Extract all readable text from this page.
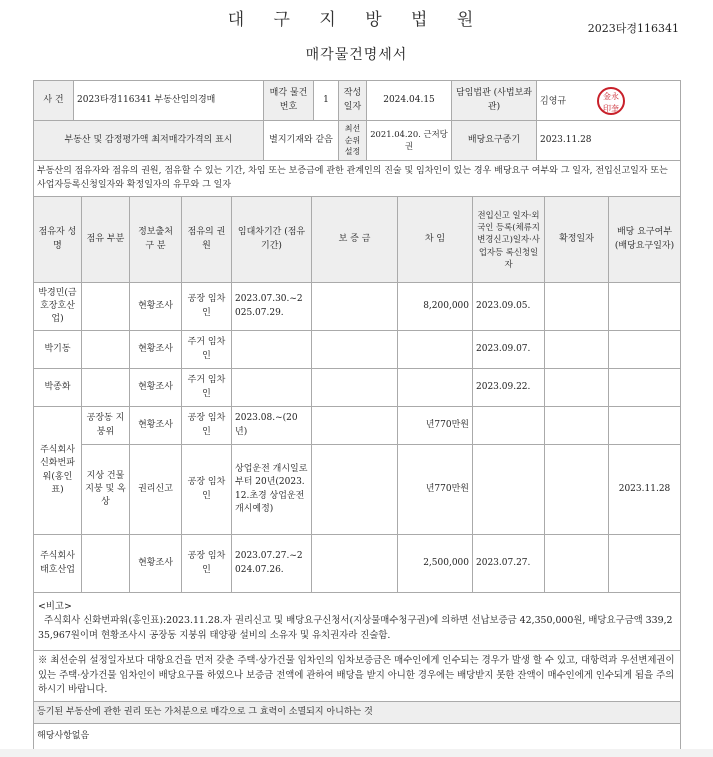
대 구 지 방 법 원	2023타경116341
매각물건명세서
사 건	2023타경116341 부동산임의경매	매각 물건번호	1	작성 일자	2024.04.15	담임법관 (사법보좌관)	김영규 金永 印奎
부동산 및 감정평가액 최저매각가격의 표시		별지기재와 같음		최선순위 설정	2021.04.20. 근저당권	배당요구종기	2023.11.28
부동산의 점유자와 점유의 권원, 점유할 수 있는 기간, 차임 또는 보증금에 관한 관계인의 진술 및 임차인이 있는 경우 배당요구 여부와 그 일자, 전입신고일자 또는 사업자등록신청일자와 확정일자의 유무와 그 일자									
점유자 성 명	점유 부분	정보출처 구 분	점유의 권 원	임대차기간 (점유기간)	보 증 금	차 임	전입신고 일자·외국인 등록(체류지 변경신고)일자·사업자등 록신청일자	확정일자	배당 요구여부 (배당요구일자)
박경민(금호장호산업)		현황조사	공장 임차인	2023.07.30.~2025.07.29.		8,200,000	2023.09.05.		
박기동		현황조사	주거 임차인				2023.09.07.		
박종화		현황조사	주거 임차인				2023.09.22.		
주식회사 신화번파워(홍인표)	공장동 지붕위	현황조사	공장 임차인	2023.08.~(20년)		년770만원			
	지상 건물 지붕 및 옥상	권리신고	공장 임차인	상업운전 개시일로부터 20년(2023.12.초경 상업운전 개시예정)		년770만원			2023.11.28
주식회사 태호산업		현황조사	공장 임차인	2023.07.27.~2024.07.26.		2,500,000	2023.07.27.		

<비고>
주식회사 신화번파워(홍인표):2023.11.28.자 권리신고 및 배당요구신청서(지상물매수청구권)에 의하면 선납보증금 42,350,000원, 배당요구금액 339,235,967원이며 현황조사시 공장동 지붕위 태양광 설비의 소유자 및 유치권자라 진술함.									

※ 최선순위 설정일자보다 대항요건을 먼저 갖춘 주택·상가건물 임차인의 임차보증금은 매수인에게 인수되는 경우가 발생 할 수 있고, 대항력과 우선변제권이 있는 주택·상가건물 임차인이 배당요구를 하였으나 보증금 전액에 관하여 배당을 받지 아니한 경우에는 배당받지 못한 잔액이 매수인에게 인수되게 됨을 주의하시기 바랍니다.									
등기된 부동산에 관한 권리 또는 가처분으로 매각으로 그 효력이 소멸되지 아니하는 것									
해당사항없음									
